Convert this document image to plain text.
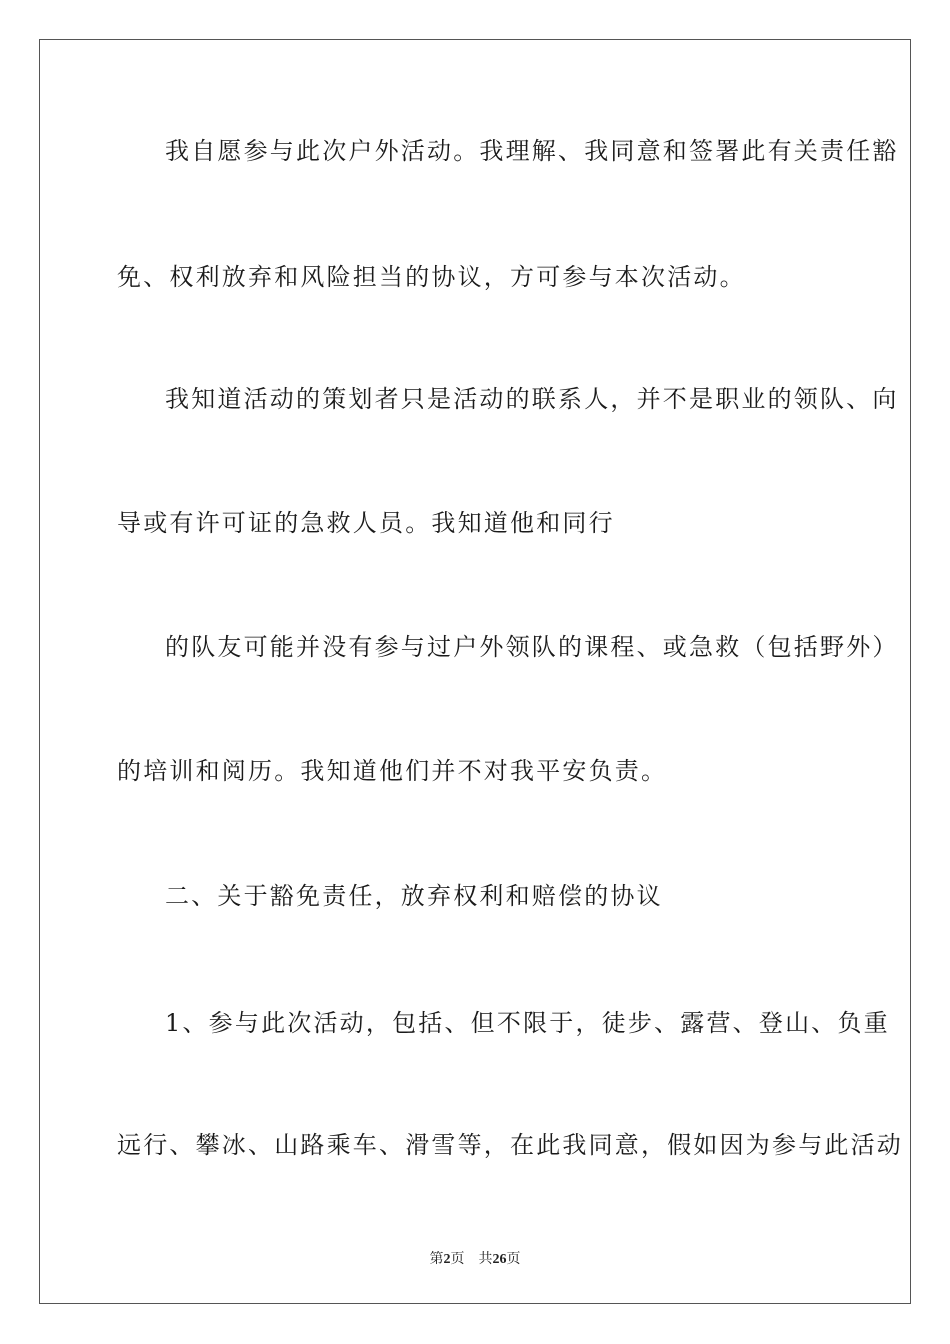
我自愿参与此次户外活动。我理解、我同意和签署此有关责任豁
免、权利放弃和风险担当的协议，方可参与本次活动。
我知道活动的策划者只是活动的联系人，并不是职业的领队、向
导或有许可证的急救人员。我知道他和同行
的队友可能并没有参与过户外领队的课程、或急救（包括野外）
的培训和阅历。我知道他们并不对我平安负责。
二、关于豁免责任，放弃权利和赔偿的协议
1、参与此次活动，包括、但不限于，徒步、露营、登山、负重
远行、攀冰、山路乘车、滑雪等，在此我同意，假如因为参与此活动
第2页 共26页
